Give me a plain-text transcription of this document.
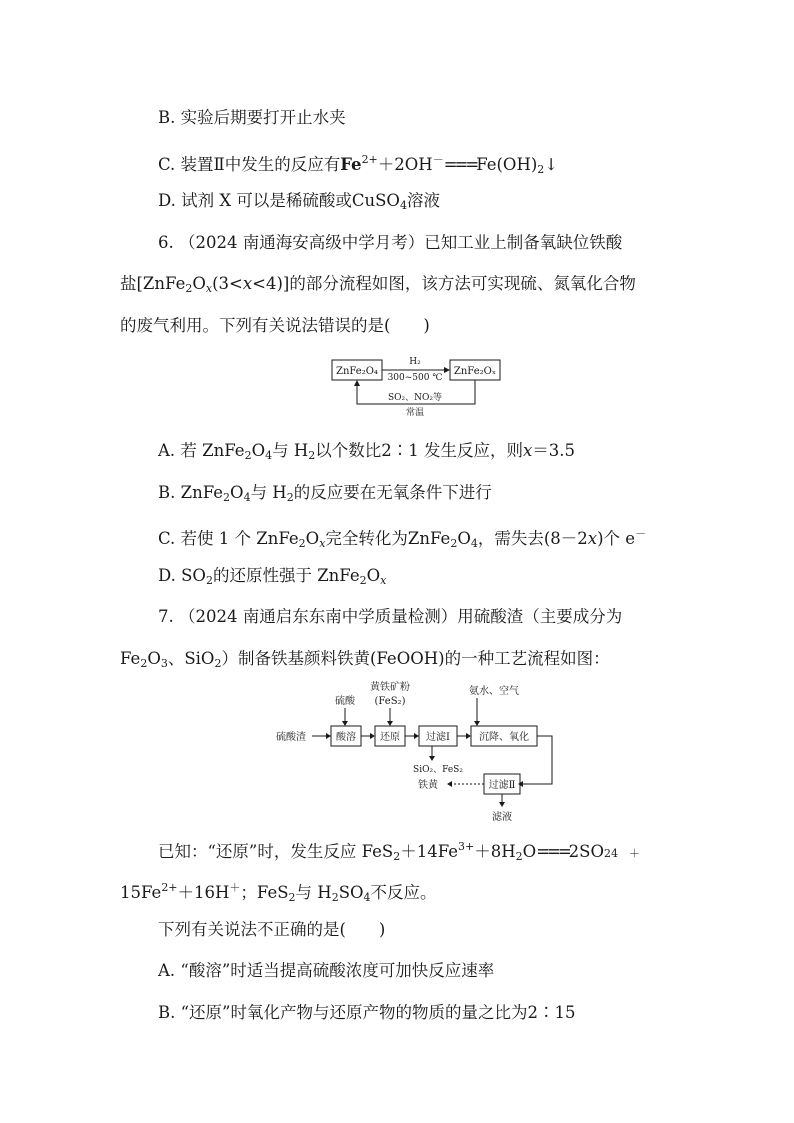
B. 实验后期要打开止水夹
C. 装置Ⅱ中发生的反应有$Fe^{2+}+2OH^-===Fe(OH)_2↓$
D. 试剂 X 可以是稀硫酸或CuSO$_4$溶液
6. （2024 南通海安高级中学月考）已知工业上制备氧缺位铁酸
盐$[ZnFe_2O_x(3<x<4)]$的部分流程如图，该方法可实现硫、氮氧化合物
的废气利用。下列有关说法错误的是(　　)
ZnFe₂O₄	ZnFe₂Oₓ
H₂
300~500 ℃
SO₂、NO₂等
常温
A. 若 $ZnFe_2O_4$与 $H_2$以个数比2∶1 发生反应，则x＝3.5
B. $ZnFe_2O_4$与 $H_2$的反应要在无氧条件下进行
C. 若使 1 个 $ZnFe_2O_x$完全转化为$ZnFe_2O_4$，需失去(8－2x)个 e－
D. $SO_2$的还原性强于 $ZnFe_2O_x$
7. （2024 南通启东东南中学质量检测）用硫酸渣（主要成分为
$Fe_2O_3$、SiO$_2$）制备铁基颜料铁黄(FeOOH)的一种工艺流程如图：
黄铁矿粉
(FeS₂)
硫酸
氨水、空气
硫酸渣	酸溶 还原	过滤Ⅰ
SiO₂、FeS₂
沉降、氧化
过滤Ⅱ
铁黄
滤液
已知：“还原”时，发生反应 $FeS_2+14Fe^{3+}+8H_2O===2SO24$　＋
$15Fe^{2+}+16H^+$；FeS$_2$与 $H_2SO_4$不反应。
下列有关说法不正确的是(　　)
A. “酸溶”时适当提高硫酸浓度可加快反应速率
B. “还原”时氧化产物与还原产物的物质的量之比为2∶15
